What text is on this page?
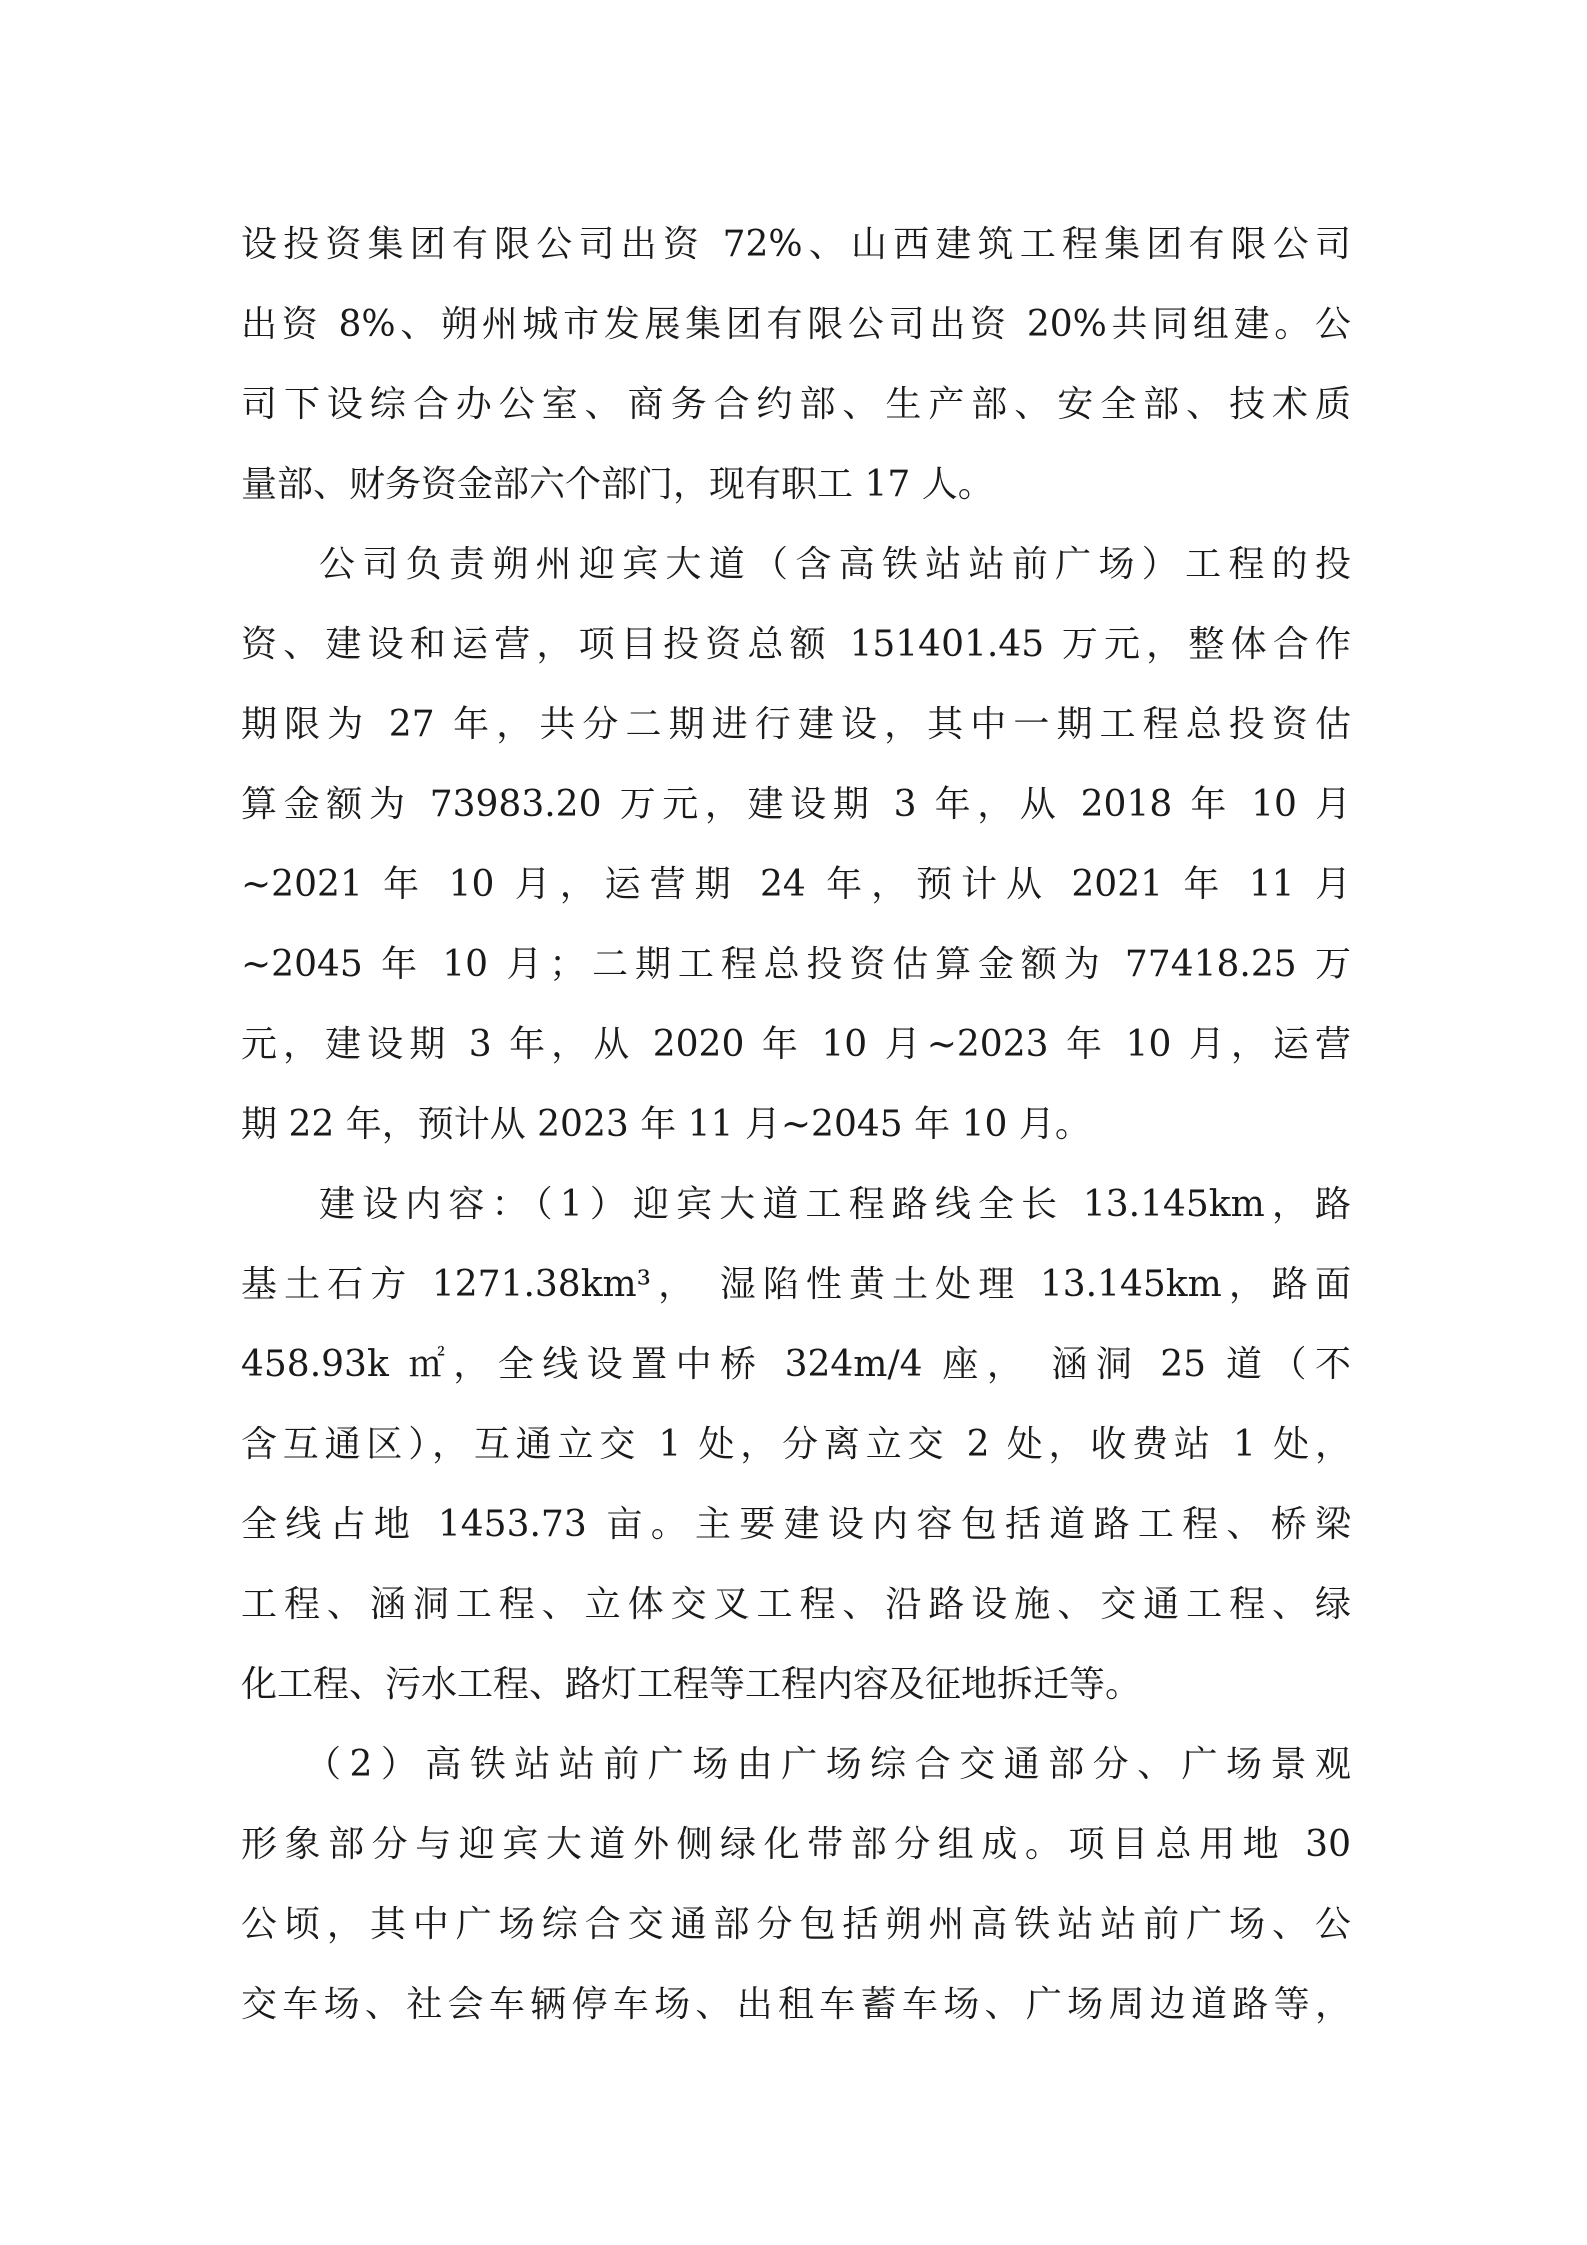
设投资集团有限公司出资 72%、山西建筑工程集团有限公司
出资 8%、朔州城市发展集团有限公司出资 20%共同组建。公
司下设综合办公室、商务合约部、生产部、安全部、技术质
量部、财务资金部六个部门，现有职工 17 人。
公司负责朔州迎宾大道（含高铁站站前广场）工程的投
资、建设和运营，项目投资总额 151401.45 万元，整体合作
期限为 27 年，共分二期进行建设，其中一期工程总投资估
算金额为 73983.20 万元，建设期 3 年，从 2018 年 10 月
~2021 年 10 月，运营期 24 年，预计从 2021 年 11 月
~2045 年 10 月；二期工程总投资估算金额为 77418.25 万
元，建设期 3 年，从 2020 年 10 月~2023 年 10 月，运营
期 22 年，预计从 2023 年 11 月~2045 年 10 月。
建设内容：（1）迎宾大道工程路线全长 13.145km，路
基土石方 1271.38km³， 湿陷性黄土处理 13.145km，路面
458.93k ㎡，全线设置中桥 324m/4 座， 涵洞 25 道（不
含互通区），互通立交 1 处，分离立交 2 处，收费站 1 处，
全线占地 1453.73 亩。主要建设内容包括道路工程、桥梁
工程、涵洞工程、立体交叉工程、沿路设施、交通工程、绿
化工程、污水工程、路灯工程等工程内容及征地拆迁等。
（2）高铁站站前广场由广场综合交通部分、广场景观
形象部分与迎宾大道外侧绿化带部分组成。项目总用地 30
公顷，其中广场综合交通部分包括朔州高铁站站前广场、公
交车场、社会车辆停车场、出租车蓄车场、广场周边道路等，
